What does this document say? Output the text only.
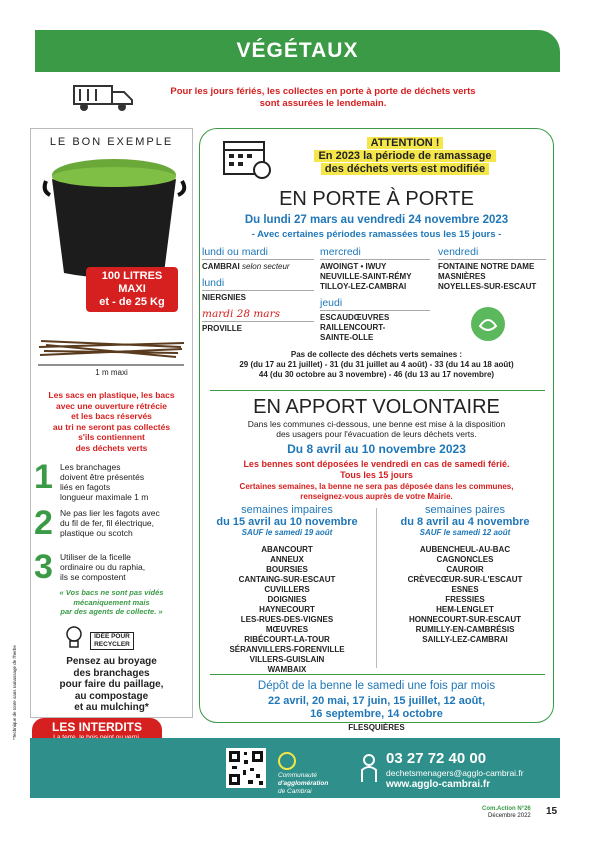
VÉGÉTAUX
Pour les jours fériés, les collectes en porte à porte de déchets verts
sont assurées le lendemain.
LE BON EXEMPLE
100 LITRES
MAXI
et - de 25 Kg
1 m maxi
Les sacs en plastique, les bacs
avec une ouverture rétrécie
et les bacs réservés
au tri ne seront pas collectés
s'ils contiennent
des déchets verts
1 Les branchages
doivent être présentés
liés en fagots
longueur maximale 1 m
2 Ne pas lier les fagots avec
du fil de fer, fil électrique,
plastique ou scotch
3 Utiliser de la ficelle
ordinaire ou du raphia,
ils se compostent
« Vos bacs ne sont pas vidés
mécaniquement mais
par des agents de collecte. »
IDÉE POUR
RECYCLER
Pensez au broyage
des branchages
pour faire du paillage,
au compostage
et au mulching*
*Technique de tonte sans ramassage de l'herbe	LES INTERDITS
ATTENTION !
En 2023 la période de ramassage
des déchets verts est modifiée
EN PORTE À PORTE
Du lundi 27 mars au vendredi 24 novembre 2023
- Avec certaines périodes ramassées tous les 15 jours -
lundi ou mardi
CAMBRAI selon secteur
lundi
NIERGNIES
mardi 28 mars
PROVILLE
mercredi
AWOINGT • IWUY
NEUVILLE-SAINT-RÉMY
TILLOY-LEZ-CAMBRAI
jeudi
ESCAUDŒUVRES
RAILLENCOURT-
SAINTE-OLLE
vendredi
FONTAINE NOTRE DAME
MASNIÈRES
NOYELLES-SUR-ESCAUT
Pas de collecte des déchets verts semaines :
29 (du 17 au 21 juillet) - 31 (du 31 juillet au 4 août) - 33 (du 14 au 18 août)
44 (du 30 octobre au 3 novembre) - 46 (du 13 au 17 novembre)
EN APPORT VOLONTAIRE
Dans les communes ci-dessous, une benne est mise à la disposition
des usagers pour l'évacuation de leurs déchets verts.
Du 8 avril au 10 novembre 2023
Les bennes sont déposées le vendredi en cas de samedi férié.
Tous les 15 jours
Certaines semaines, la benne ne sera pas déposée dans les communes,
renseignez-vous auprès de votre Mairie.
semaines impaires
du 15 avril au 10 novembre
SAUF le samedi 19 août
ABANCOURT
ANNEUX
BOURSIES
CANTAING-SUR-ESCAUT
CUVILLERS
DOIGNIES
HAYNECOURT
LES-RUES-DES-VIGNES
MŒUVRES
RIBÉCOURT-LA-TOUR
SÉRANVILLERS-FORENVILLE
VILLERS-GUISLAIN
WAMBAIX
semaines paires
du 8 avril au 4 novembre
SAUF le samedi 12 août
AUBENCHEUL-AU-BAC
CAGNONCLES
CAUROIR
CRÈVECŒUR-SUR-L'ESCAUT
ESNES
FRESSIES
HEM-LENGLET
HONNECOURT-SUR-ESCAUT
RUMILLY-EN-CAMBRÉSIS
SAILLY-LEZ-CAMBRAI
Dépôt de la benne le samedi une fois par mois
22 avril, 20 mai, 17 juin, 15 juillet, 12 août,
16 septembre, 14 octobre
FLESQUIÈRES
Communauté
d'agglomération
de Cambrai
03 27 72 40 00
dechetsmenagers@agglo-cambrai.fr
www.agglo-cambrai.fr
Com.Action N°26
Décembre 2022 15
